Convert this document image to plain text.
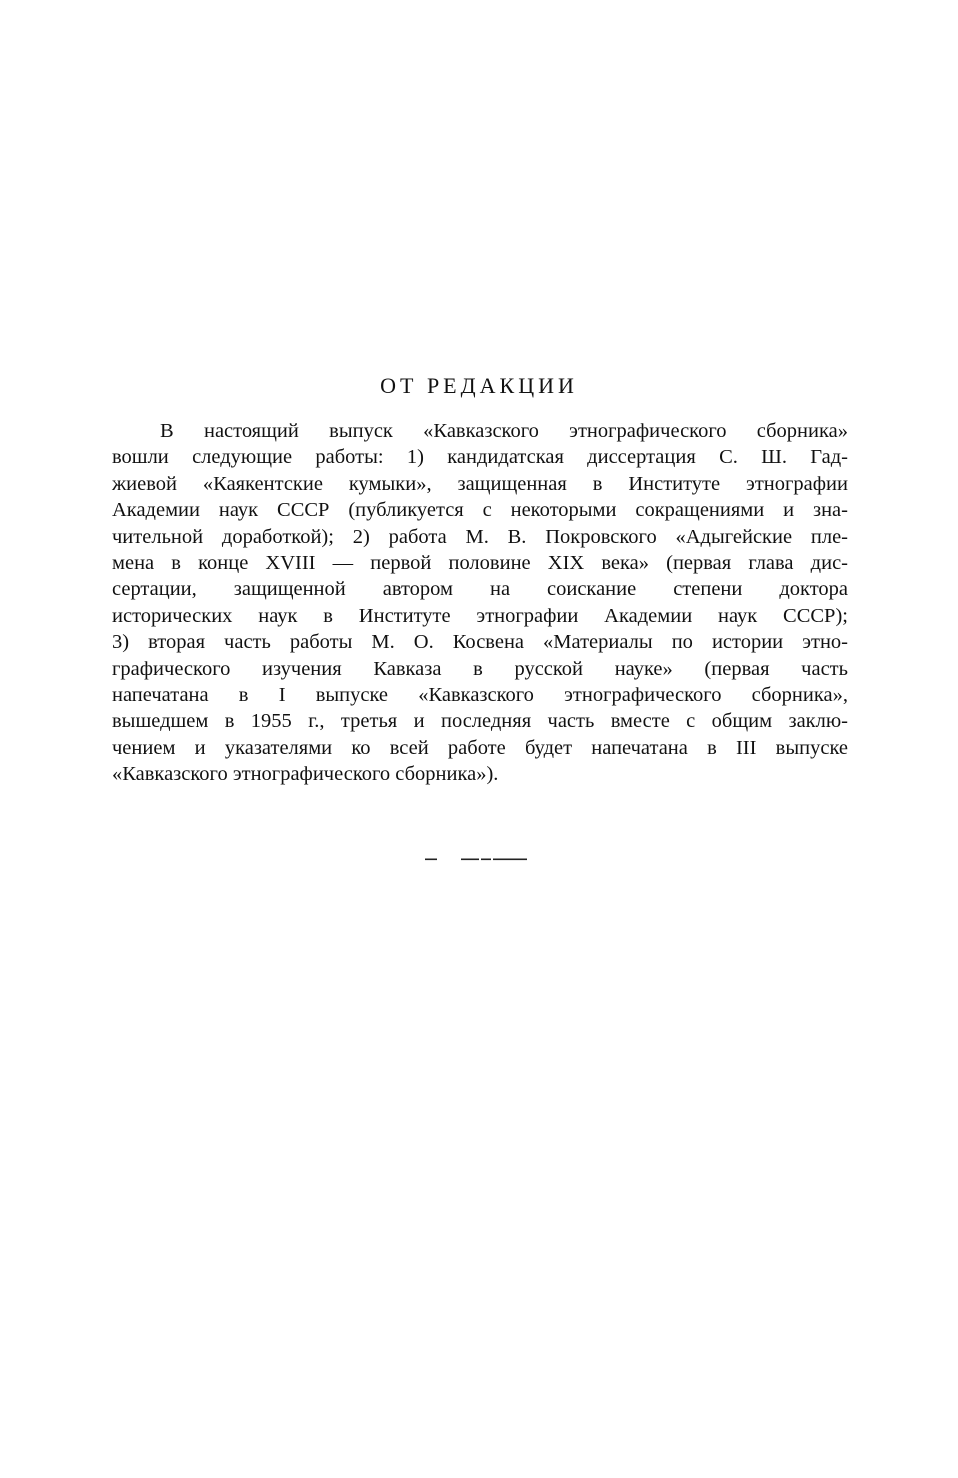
ОТ РЕДАКЦИИ

В настоящий выпуск «Кавказского этнографического сборника»
вошли следующие работы: 1) кандидатская диссертация С. Ш. Гад-
жиевой «Каякентские кумыки», защищенная в Институте этнографии
Академии наук СССР (публикуется с некоторыми сокращениями и зна-
чительной доработкой); 2) работа М. В. Покровского «Адыгейские пле-
мена в конце XVIII — первой половине XIX века» (первая глава дис-
сертации, защищенной автором на соискание степени доктора
исторических наук в Институте этнографии Академии наук СССР);
3) вторая часть работы М. О. Косвена «Материалы по истории этно-
графического изучения Кавказа в русской науке» (первая часть
напечатана в I выпуске «Кавказского этнографического сборника»,
вышедшем в 1955 г., третья и последняя часть вместе с общим заклю-
чением и указателями ко всей работе будет напечатана в III выпуске
«Кавказского этнографического сборника»).
